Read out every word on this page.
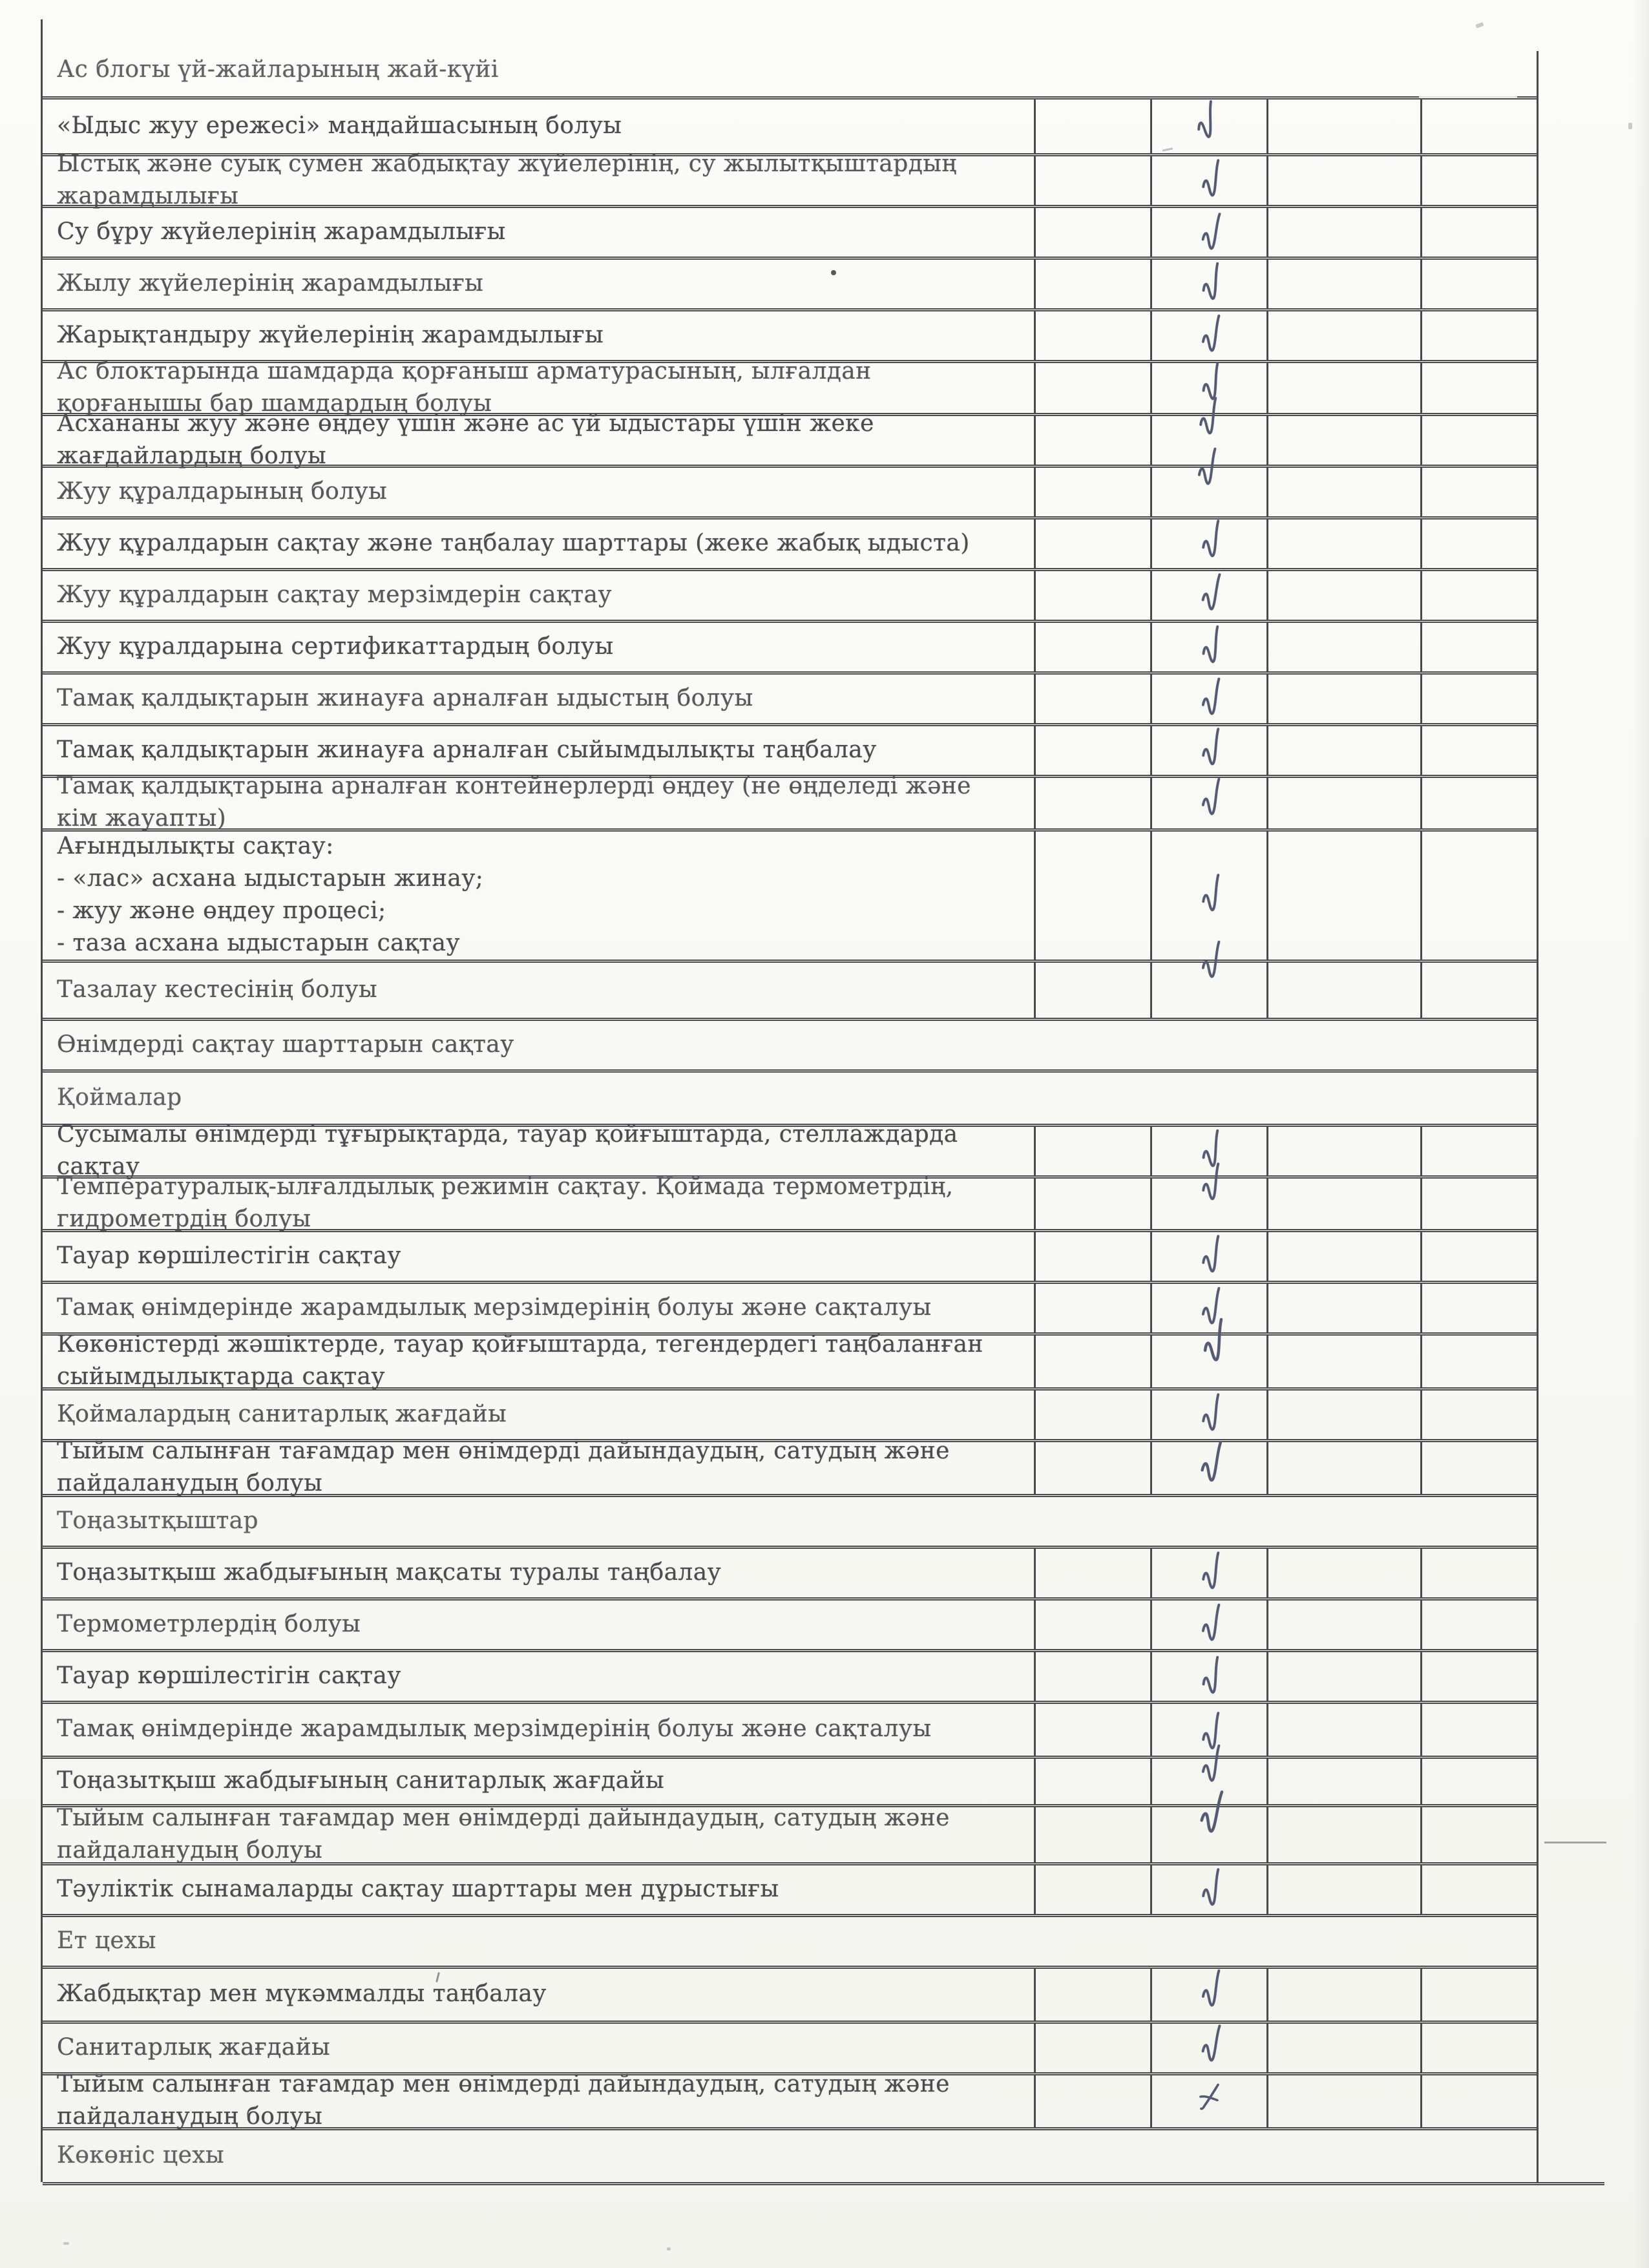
Ас блогы үй-жайларының жай-күйі
«Ыдыс жуу ережесі» маңдайшасының болуы
Ыстық және суық сумен жабдықтау жүйелерінің, су жылытқыштардың жарамдылығы
Су бұру жүйелерінің жарамдылығы
Жылу жүйелерінің жарамдылығы
Жарықтандыру жүйелерінің жарамдылығы
Ас блоктарында шамдарда қорғаныш арматурасының, ылғалдан қорғанышы бар шамдардың болуы
Асхананы жуу және өңдеу үшін және ас үй ыдыстары үшін жеке жағдайлардың болуы
Жуу құралдарының болуы
Жуу құралдарын сақтау және таңбалау шарттары (жеке жабық ыдыста)
Жуу құралдарын сақтау мерзімдерін сақтау
Жуу құралдарына сертификаттардың болуы
Тамақ қалдықтарын жинауға арналған ыдыстың болуы
Тамақ қалдықтарын жинауға арналған сыйымдылықты таңбалау
Тамақ қалдықтарына арналған контейнерлерді өңдеу (не өңделеді және кім жауапты)
Ағындылықты сақтау:
- «лас» асхана ыдыстарын жинау;
- жуу және өңдеу процесі;
- таза асхана ыдыстарын сақтау
Тазалау кестесінің болуы
Өнімдерді сақтау шарттарын сақтау
Қоймалар
Сусымалы өнімдерді тұғырықтарда, тауар қойғыштарда, стеллаждарда сақтау
Температуралық-ылғалдылық режимін сақтау. Қоймада термометрдің, гидрометрдің болуы
Тауар көршілестігін сақтау
Тамақ өнімдерінде жарамдылық мерзімдерінің болуы және сақталуы
Көкөністерді жәшіктерде, тауар қойғыштарда, тегендердегі таңбаланған сыйымдылықтарда сақтау
Қоймалардың санитарлық жағдайы
Тыйым салынған тағамдар мен өнімдерді дайындаудың, сатудың және пайдаланудың болуы
Тоңазытқыштар
Тоңазытқыш жабдығының мақсаты туралы таңбалау
Термометрлердің болуы
Тауар көршілестігін сақтау
Тамақ өнімдерінде жарамдылық мерзімдерінің болуы және сақталуы
Тоңазытқыш жабдығының санитарлық жағдайы
Тыйым салынған тағамдар мен өнімдерді дайындаудың, сатудың және пайдаланудың болуы
Тәуліктік сынамаларды сақтау шарттары мен дұрыстығы
Ет цехы
Жабдықтар мен мүкәммалды таңбалау
Санитарлық жағдайы
Тыйым салынған тағамдар мен өнімдерді дайындаудың, сатудың және пайдаланудың болуы
Көкөніс цехы
